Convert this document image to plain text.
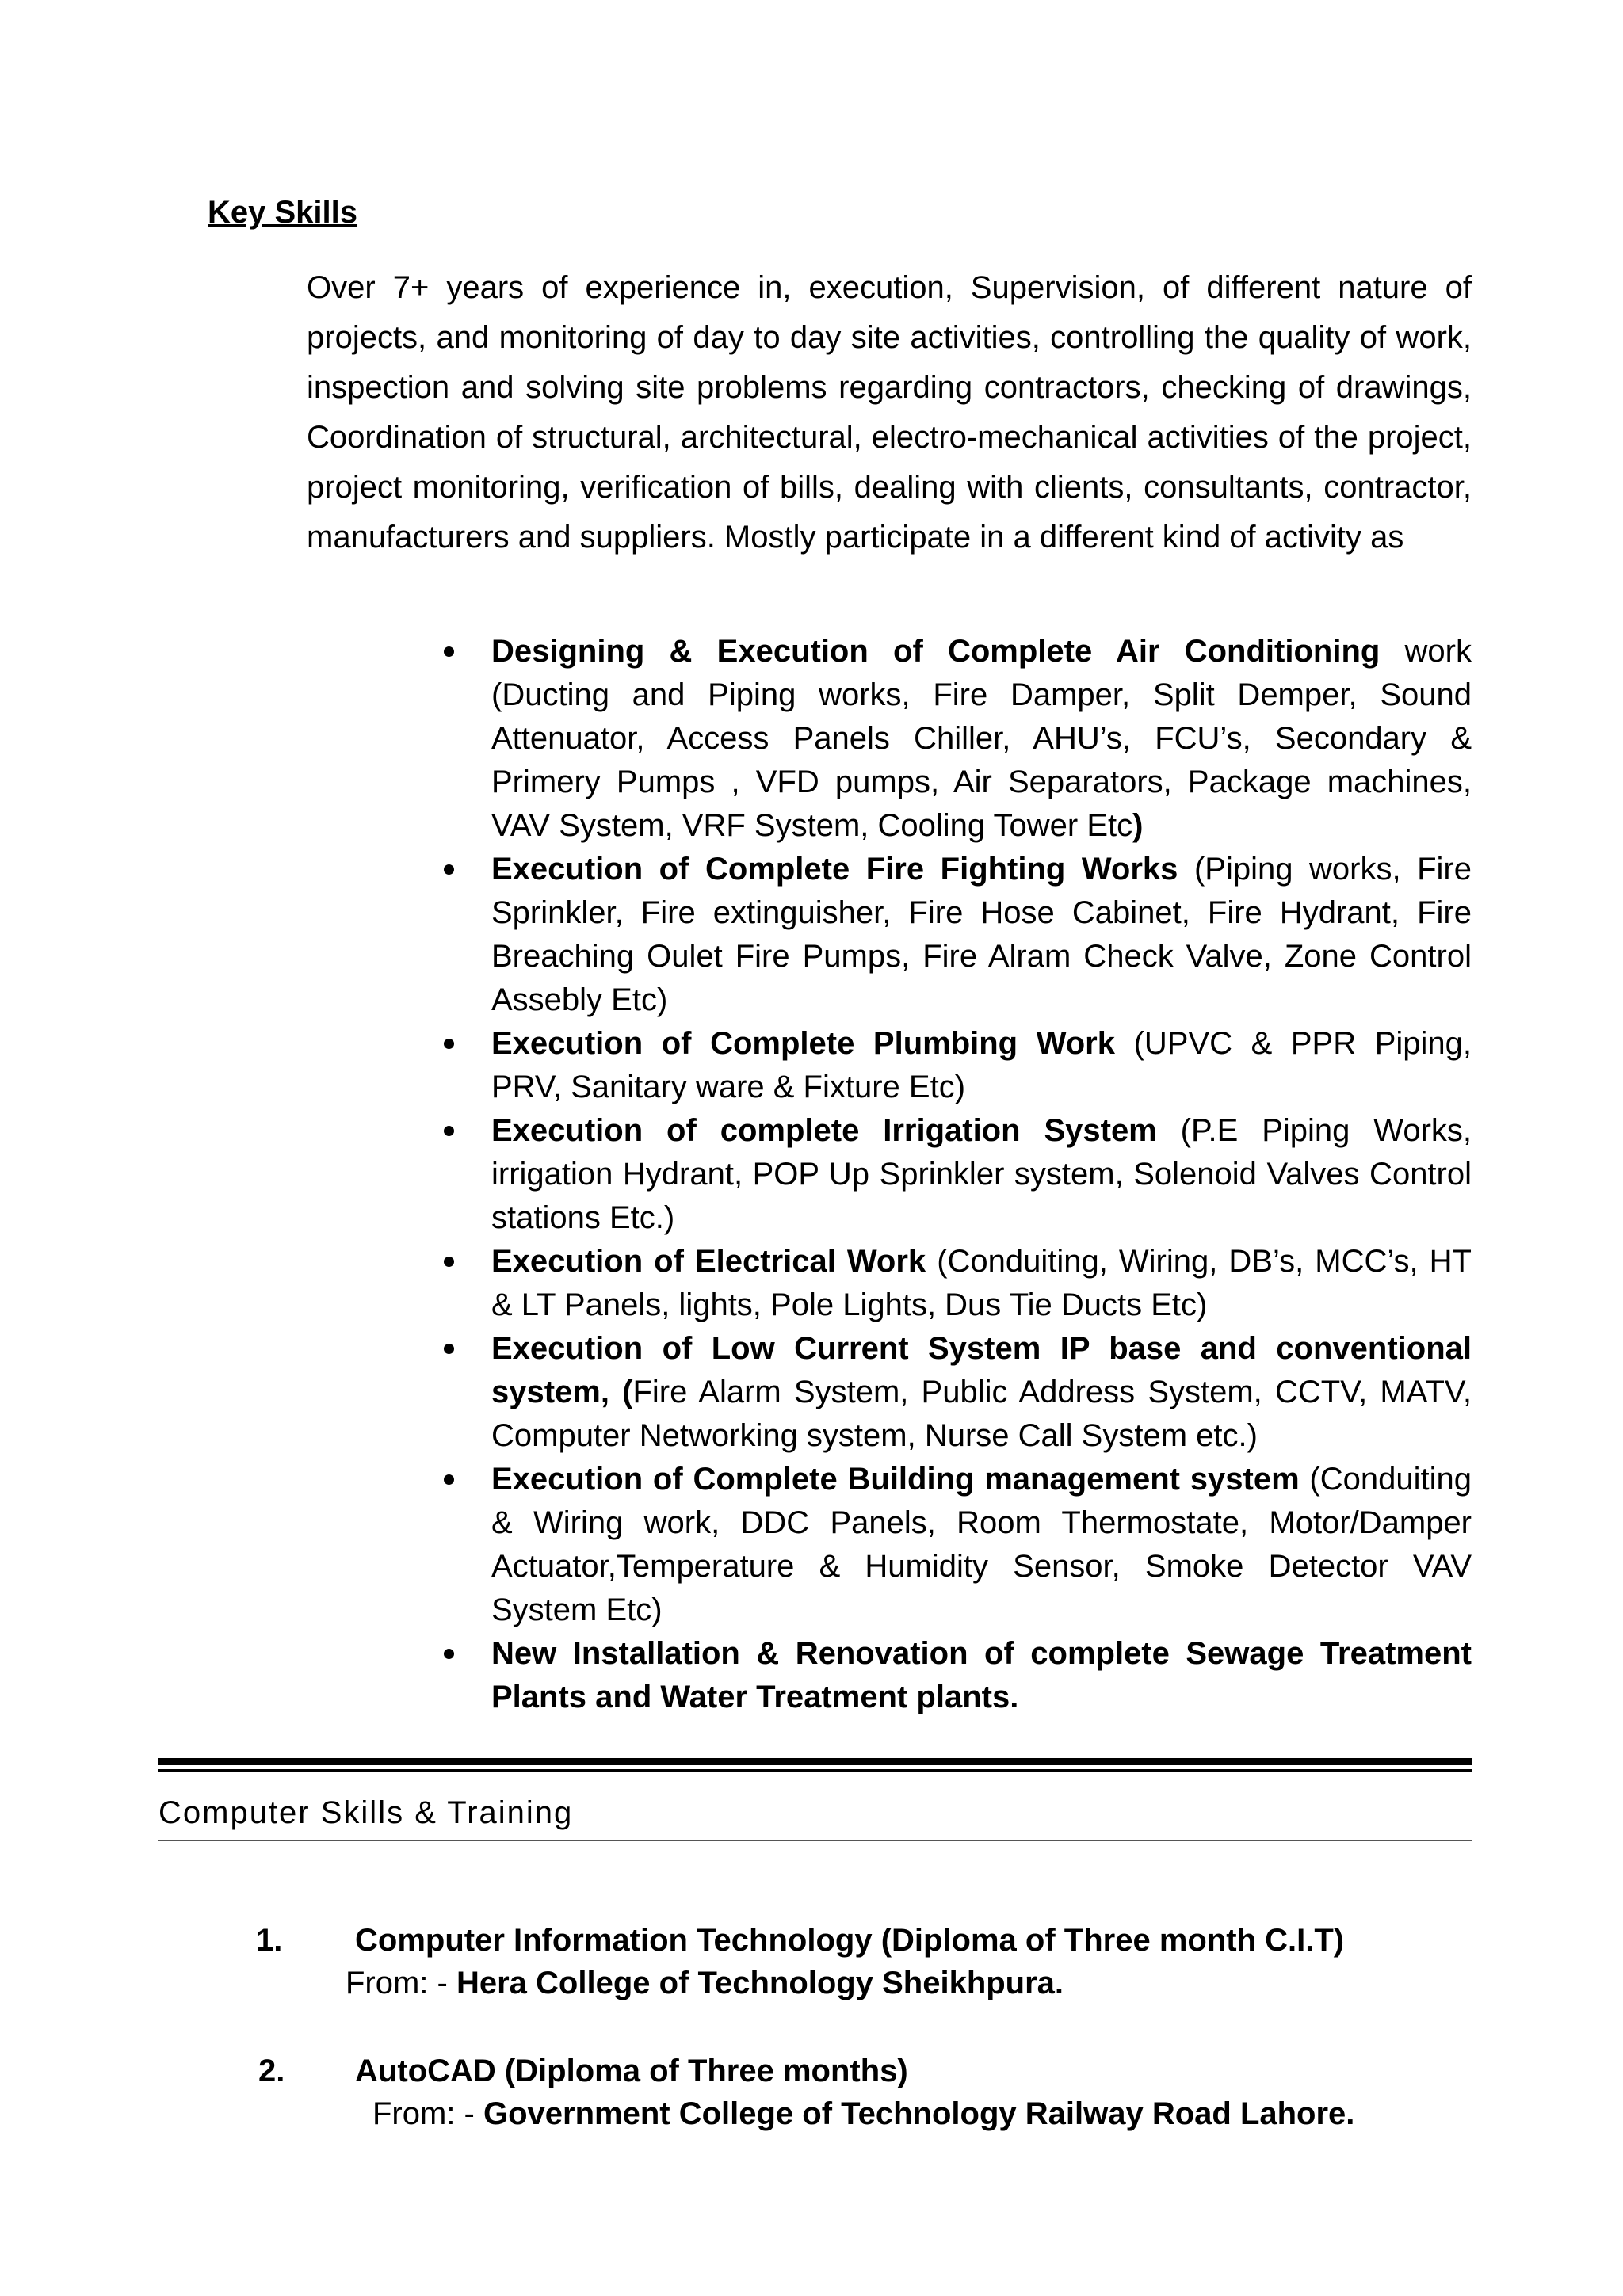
Key Skills
Over 7+ years of experience in, execution, Supervision, of different nature of projects, and monitoring of day to day site activities, controlling the quality of work, inspection and solving site problems regarding contractors, checking of drawings, Coordination of structural, architectural, electro-mechanical activities of the project, project monitoring, verification of bills, dealing with clients, consultants, contractor, manufacturers and suppliers. Mostly participate in a different kind of activity as
Designing & Execution of Complete Air Conditioning work (Ducting and Piping works, Fire Damper, Split Demper, Sound Attenuator, Access Panels Chiller, AHU’s, FCU’s, Secondary & Primery Pumps , VFD pumps, Air Separators, Package machines, VAV System, VRF System, Cooling Tower Etc)
Execution of Complete Fire Fighting Works (Piping works, Fire Sprinkler, Fire extinguisher, Fire Hose Cabinet, Fire Hydrant, Fire Breaching Oulet Fire Pumps, Fire Alram Check Valve, Zone Control Assebly Etc)
Execution of Complete Plumbing Work (UPVC & PPR Piping, PRV, Sanitary ware & Fixture Etc)
Execution of complete Irrigation System (P.E Piping Works, irrigation Hydrant, POP Up Sprinkler system, Solenoid Valves Control stations Etc.)
Execution of Electrical Work (Conduiting, Wiring, DB’s, MCC’s, HT & LT Panels, lights, Pole Lights, Dus Tie Ducts Etc)
Execution of Low Current System IP base and conventional system, (Fire Alarm System, Public Address System, CCTV, MATV, Computer Networking system, Nurse Call System etc.)
Execution of Complete Building management system (Conduiting & Wiring work, DDC Panels, Room Thermostate, Motor/Damper Actuator,Temperature & Humidity Sensor, Smoke Detector VAV System Etc)
New Installation & Renovation of complete Sewage Treatment Plants and Water Treatment plants.
Computer Skills & Training
1. Computer Information Technology (Diploma of Three month C.I.T)
From: - Hera College of Technology Sheikhpura.
2. AutoCAD (Diploma of Three months)
From: - Government College of Technology Railway Road Lahore.
